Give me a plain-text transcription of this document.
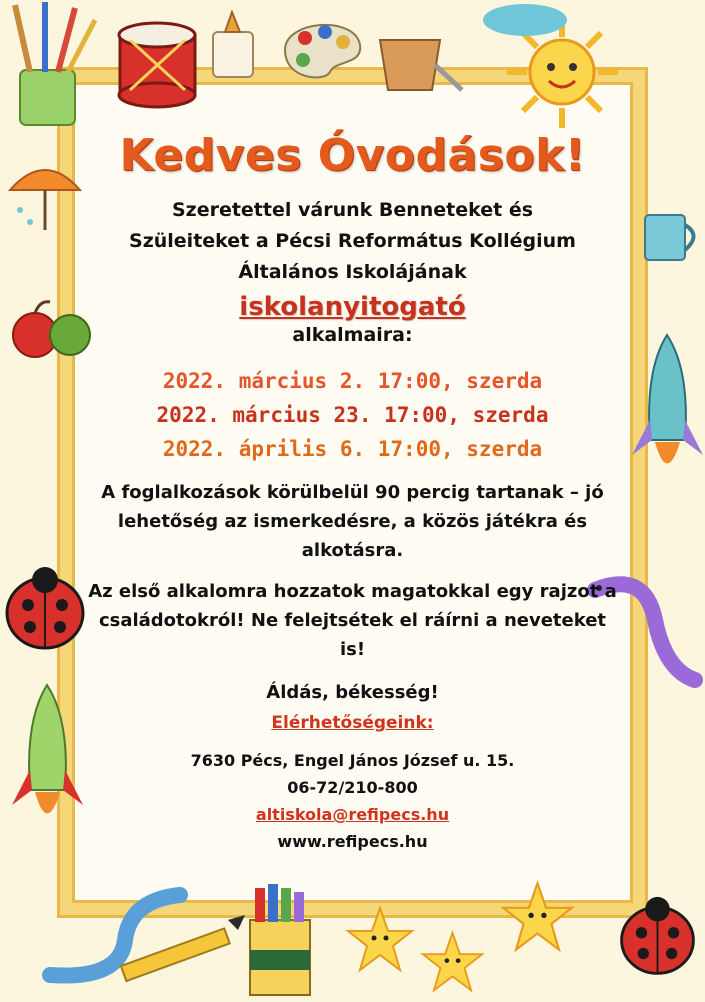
Kedves Óvodások!
Szeretettel várunk Benneteket és
Szüleiteket a Pécsi Református Kollégium
Általános Iskolájának
iskolanyitogató
alkalmaira:
2022. március 2. 17:00, szerda
2022. március 23. 17:00, szerda
2022. április 6. 17:00, szerda
A foglalkozások körülbelül 90 percig tartanak – jó lehetőség az ismerkedésre, a közös játékra és alkotásra.
Az első alkalomra hozzatok magatokkal egy rajzot a családotokról! Ne felejtsétek el ráírni a neveteket is!
Áldás, békesség!
Elérhetőségeink:
7630 Pécs, Engel János József u. 15.
06-72/210-800
altiskola@refipecs.hu
www.refipecs.hu
